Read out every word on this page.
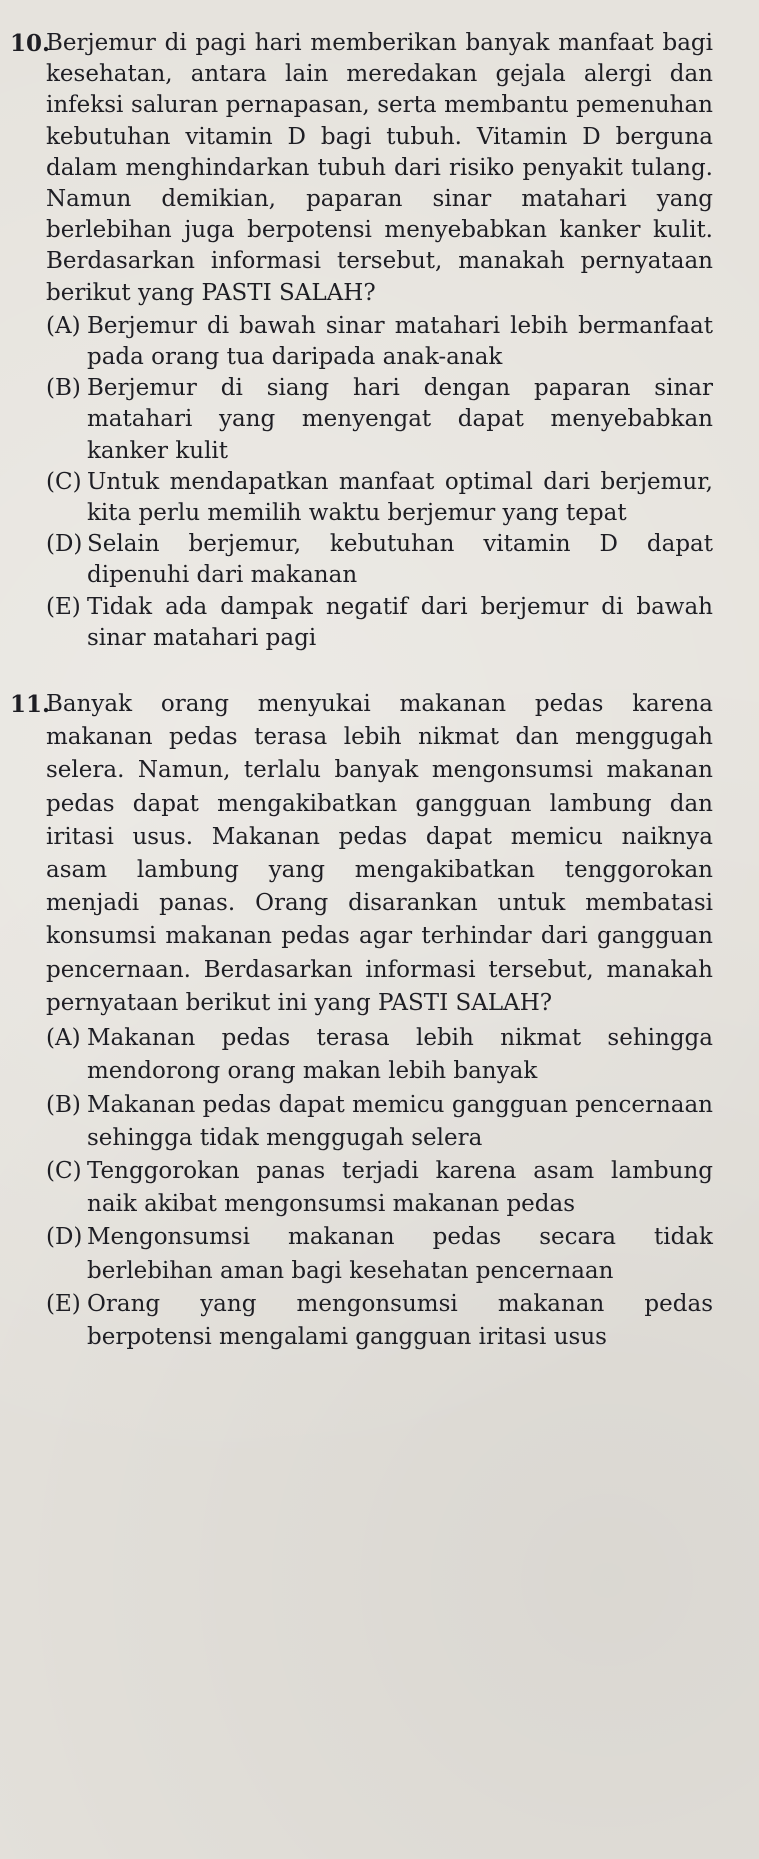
10.
Berjemur di pagi hari memberikan banyak manfaat bagi kesehatan, antara lain meredakan gejala alergi dan infeksi saluran pernapasan, serta membantu pemenuhan kebutuhan vitamin D bagi tubuh. Vitamin D berguna dalam menghindarkan tubuh dari risiko penyakit tulang. Namun demikian, paparan sinar matahari yang berlebihan juga berpotensi menyebabkan kanker kulit. Berdasarkan informasi tersebut, manakah pernyataan berikut yang PASTI SALAH?
(A) Berjemur di bawah sinar matahari lebih bermanfaat pada orang tua daripada anak-anak
(B) Berjemur di siang hari dengan paparan sinar matahari yang menyengat dapat menyebabkan kanker kulit
(C) Untuk mendapatkan manfaat optimal dari berjemur, kita perlu memilih waktu berjemur yang tepat
(D) Selain berjemur, kebutuhan vitamin D dapat dipenuhi dari makanan
(E) Tidak ada dampak negatif dari berjemur di bawah sinar matahari pagi
11.
Banyak orang menyukai makanan pedas karena makanan pedas terasa lebih nikmat dan menggugah selera. Namun, terlalu banyak mengonsumsi makanan pedas dapat mengakibatkan gangguan lambung dan iritasi usus. Makanan pedas dapat memicu naiknya asam lambung yang mengakibatkan tenggorokan menjadi panas. Orang disarankan untuk membatasi konsumsi makanan pedas agar terhindar dari gangguan pencernaan. Berdasarkan informasi tersebut, manakah pernyataan berikut ini yang PASTI SALAH?
(A) Makanan pedas terasa lebih nikmat sehingga mendorong orang makan lebih banyak
(B) Makanan pedas dapat memicu gangguan pencernaan sehingga tidak menggugah selera
(C) Tenggorokan panas terjadi karena asam lambung naik akibat mengonsumsi makanan pedas
(D) Mengonsumsi makanan pedas secara tidak berlebihan aman bagi kesehatan pencernaan
(E) Orang yang mengonsumsi makanan pedas berpotensi mengalami gangguan iritasi usus
